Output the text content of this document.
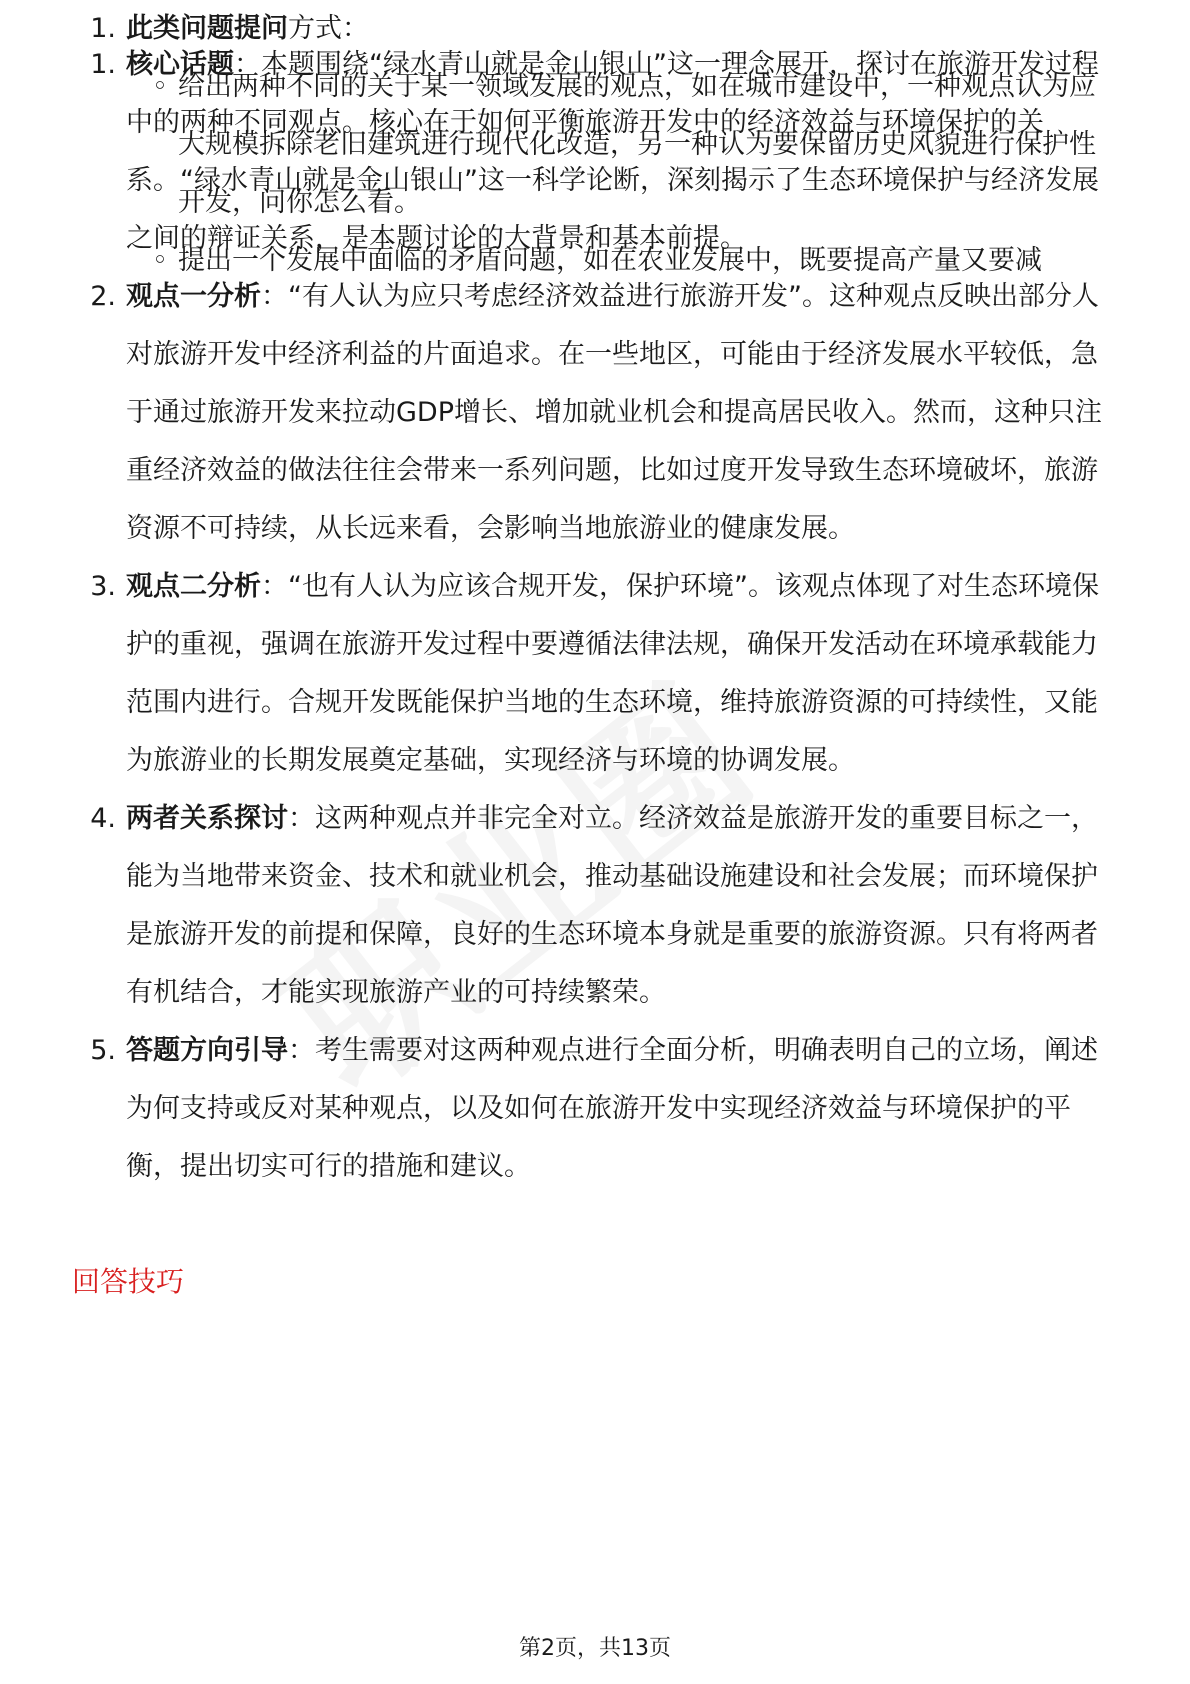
1. 核心话题：本题围绕“绿水青山就是金山银山”这一理念展开，探讨在旅游开发过程中的两种不同观点。核心在于如何平衡旅游开发中的经济效益与环境保护的关系。“绿水青山就是金山银山”这一科学论断，深刻揭示了生态环境保护与经济发展之间的辩证关系，是本题讨论的大背景和基本前提。
2. 观点一分析：“有人认为应只考虑经济效益进行旅游开发”。这种观点反映出部分人对旅游开发中经济利益的片面追求。在一些地区，可能由于经济发展水平较低，急于通过旅游开发来拉动GDP增长、增加就业机会和提高居民收入。然而，这种只注重经济效益的做法往往会带来一系列问题，比如过度开发导致生态环境破坏，旅游资源不可持续，从长远来看，会影响当地旅游业的健康发展。
3. 观点二分析：“也有人认为应该合规开发，保护环境”。该观点体现了对生态环境保护的重视，强调在旅游开发过程中要遵循法律法规，确保开发活动在环境承载能力范围内进行。合规开发既能保护当地的生态环境，维持旅游资源的可持续性，又能为旅游业的长期发展奠定基础，实现经济与环境的协调发展。
4. 两者关系探讨：这两种观点并非完全对立。经济效益是旅游开发的重要目标之一，能为当地带来资金、技术和就业机会，推动基础设施建设和社会发展；而环境保护是旅游开发的前提和保障，良好的生态环境本身就是重要的旅游资源。只有将两者有机结合，才能实现旅游产业的可持续繁荣。
5. 答题方向引导：考生需要对这两种观点进行全面分析，明确表明自己的立场，阐述为何支持或反对某种观点，以及如何在旅游开发中实现经济效益与环境保护的平衡，提出切实可行的措施和建议。
回答技巧
1. 此类问题提问方式：
◦ 给出两种不同的关于某一领域发展的观点，如在城市建设中，一种观点认为应大规模拆除老旧建筑进行现代化改造，另一种认为要保留历史风貌进行保护性开发，问你怎么看。
◦ 提出一个发展中面临的矛盾问题，如在农业发展中，既要提高产量又要减
第2页，共13页
